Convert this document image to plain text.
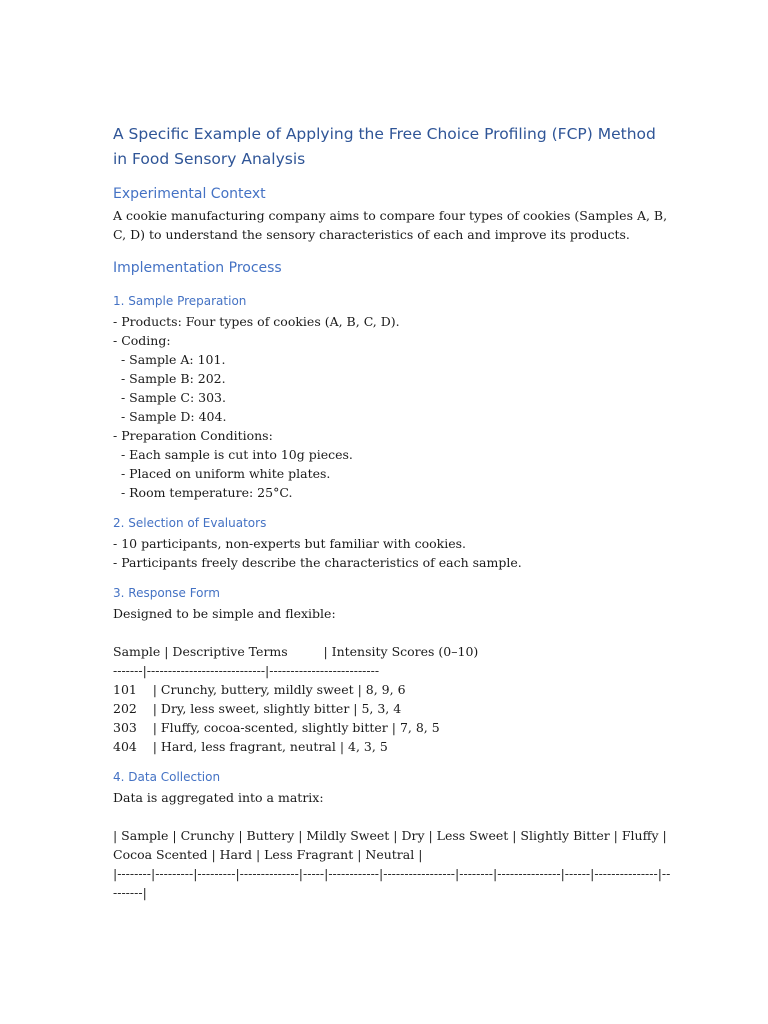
A Specific Example of Applying the Free Choice Profiling (FCP) Method in Food Sensory Analysis
Experimental Context

A cookie manufacturing company aims to compare four types of cookies (Samples A, B, C, D) to understand the sensory characteristics of each and improve its products.

Implementation Process
1. Sample Preparation

- Products: Four types of cookies (A, B, C, D).

- Coding:

- Sample A: 101.

- Sample B: 202.

- Sample C: 303.

- Sample D: 404.

- Preparation Conditions:

- Each sample is cut into 10g pieces.

- Placed on uniform white plates.

- Room temperature: 25°C.

2. Selection of Evaluators

- 10 participants, non-experts but familiar with cookies.

- Participants freely describe the characteristics of each sample.

3. Response Form

Designed to be simple and flexible:

Sample | Descriptive Terms         | Intensity Scores (0–10)

-------|----------------------------|--------------------------

101    | Crunchy, buttery, mildly sweet | 8, 9, 6

202    | Dry, less sweet, slightly bitter | 5, 3, 4

303    | Fluffy, cocoa-scented, slightly bitter | 7, 8, 5

404    | Hard, less fragrant, neutral | 4, 3, 5

4. Data Collection

Data is aggregated into a matrix:

| Sample | Crunchy | Buttery | Mildly Sweet | Dry | Less Sweet | Slightly Bitter | Fluffy | Cocoa Scented | Hard | Less Fragrant | Neutral |

|--------|---------|---------|--------------|-----|------------|-----------------|--------|---------------|------|---------------|---------|
